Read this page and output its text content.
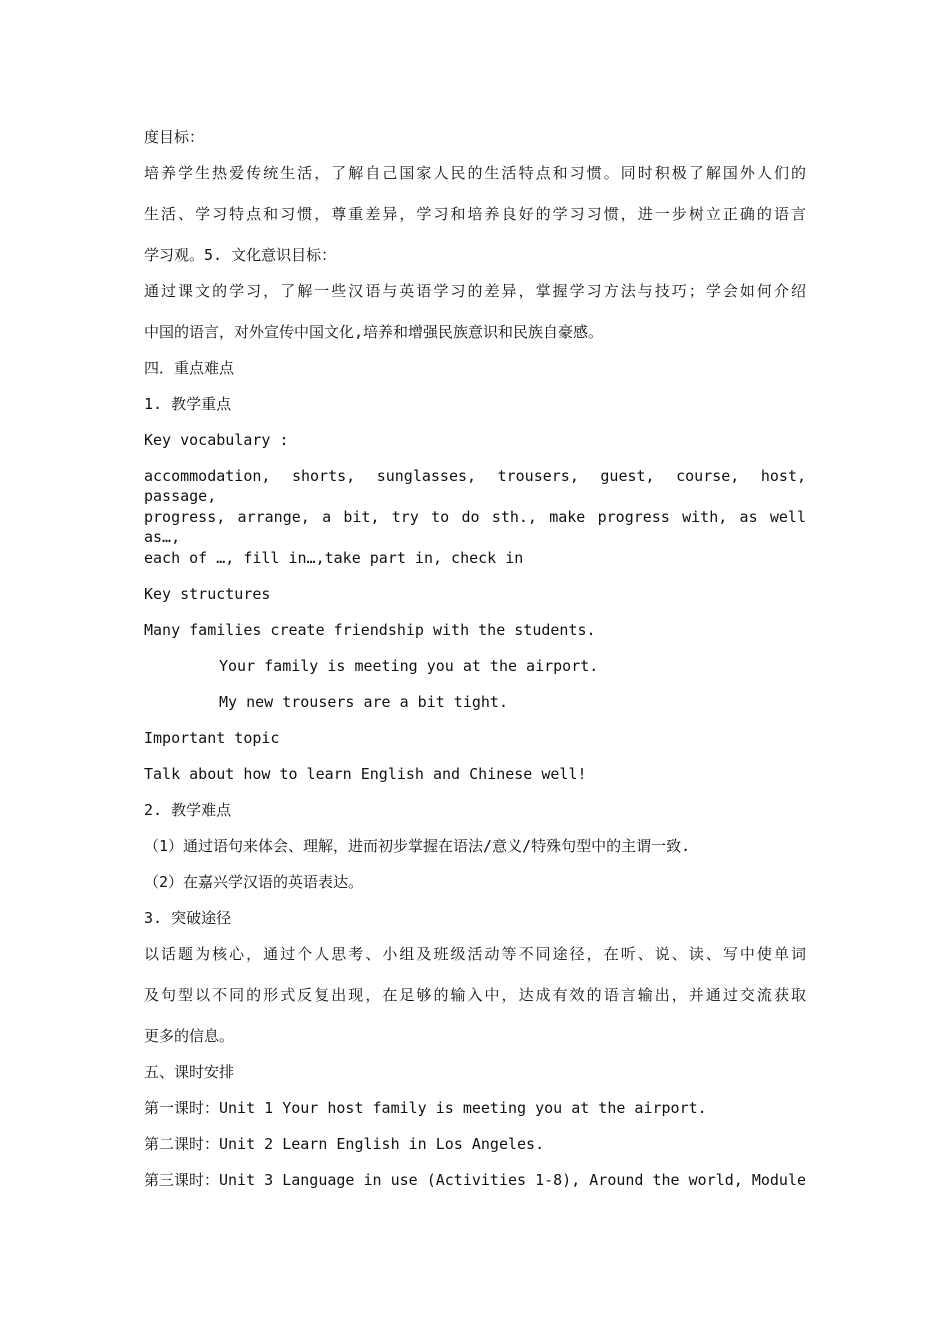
度目标：
培养学生热爱传统生活，了解自己国家人民的生活特点和习惯。同时积极了解国外人们的
生活、学习特点和习惯，尊重差异，学习和培养良好的学习习惯，进一步树立正确的语言
学习观。5. 文化意识目标：
通过课文的学习，了解一些汉语与英语学习的差异，掌握学习方法与技巧；学会如何介绍
中国的语言，对外宣传中国文化,培养和增强民族意识和民族自豪感。
四．重点难点
1. 教学重点
Key vocabulary :
accommodation, shorts, sunglasses, trousers, guest, course, host, passage,
progress, arrange, a bit, try to do sth., make progress with, as well as…,
each of …, fill in…,take part in, check in
Key structures
Many families create friendship with the students.
Your family is meeting you at the airport.
My new trousers are a bit tight.
Important topic
Talk about how to learn English and Chinese well!
2. 教学难点
（1）通过语句来体会、理解，进而初步掌握在语法/意义/特殊句型中的主谓一致.
（2）在嘉兴学汉语的英语表达。
3. 突破途径
以话题为核心，通过个人思考、小组及班级活动等不同途径，在听、说、读、写中使单词
及句型以不同的形式反复出现，在足够的输入中，达成有效的语言输出，并通过交流获取
更多的信息。
五、课时安排
第一课时：Unit 1 Your host family is meeting you at the airport.
第二课时：Unit 2 Learn English in Los Angeles.
第三课时：Unit 3 Language in use (Activities 1-8), Around the world, Module
